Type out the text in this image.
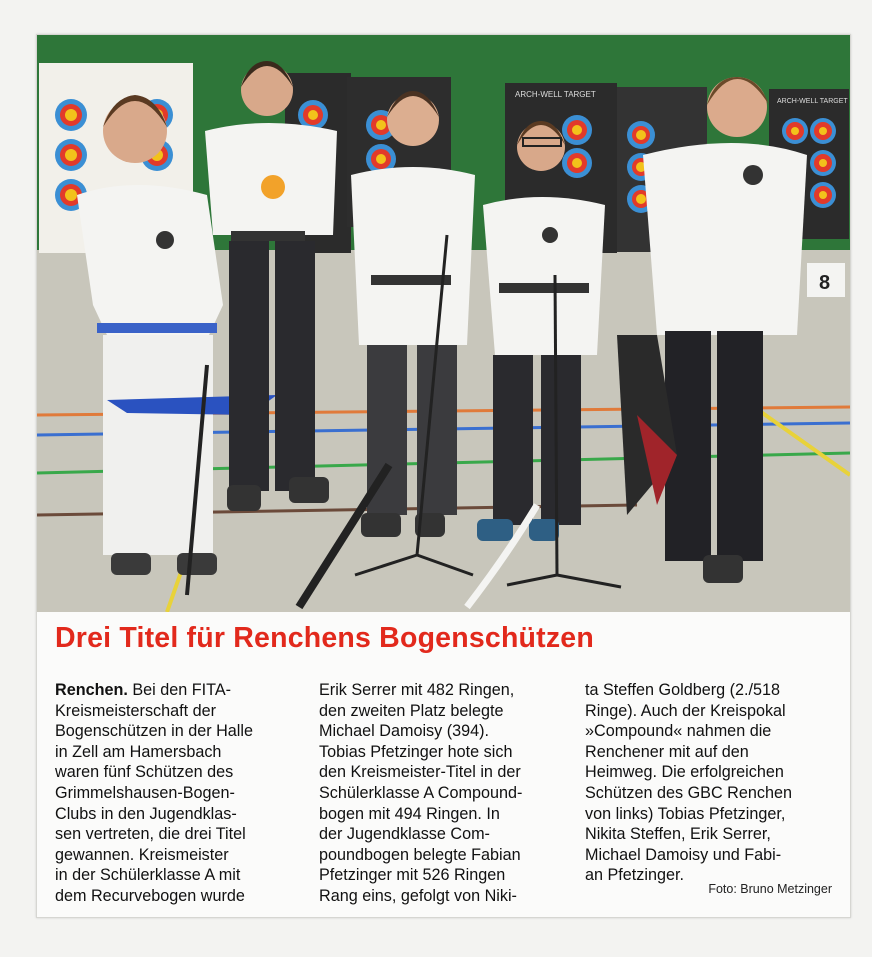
ARCH-WELL TARGET
ARCH-WELL TARGET
8
Drei Titel für Renchens Bogenschützen
Renchen. Bei den FITA-
Kreismeisterschaft der
Bogenschützen in der Halle
in Zell am Hamersbach
waren fünf Schützen des
Grimmelshausen-Bogen-
Clubs in den Jugendklas-
sen vertreten, die drei Titel
gewannen. Kreismeister
in der Schülerklasse A mit
dem Recurvebogen wurde
Erik Serrer mit 482 Ringen,
den zweiten Platz belegte
Michael Damoisy (394).
Tobias Pfetzinger hote sich
den Kreismeister-Titel in der
Schülerklasse A Compound-
bogen mit 494 Ringen. In
der Jugendklasse Com-
poundbogen belegte Fabian
Pfetzinger mit 526 Ringen
Rang eins, gefolgt von Niki-
ta Steffen Goldberg (2./518
Ringe). Auch der Kreispokal
»Compound« nahmen die
Renchener mit auf den
Heimweg. Die erfolgreichen
Schützen des GBC Renchen
von links) Tobias Pfetzinger,
Nikita Steffen, Erik Serrer,
Michael Damoisy und Fabi-
an Pfetzinger.
Foto: Bruno Metzinger
